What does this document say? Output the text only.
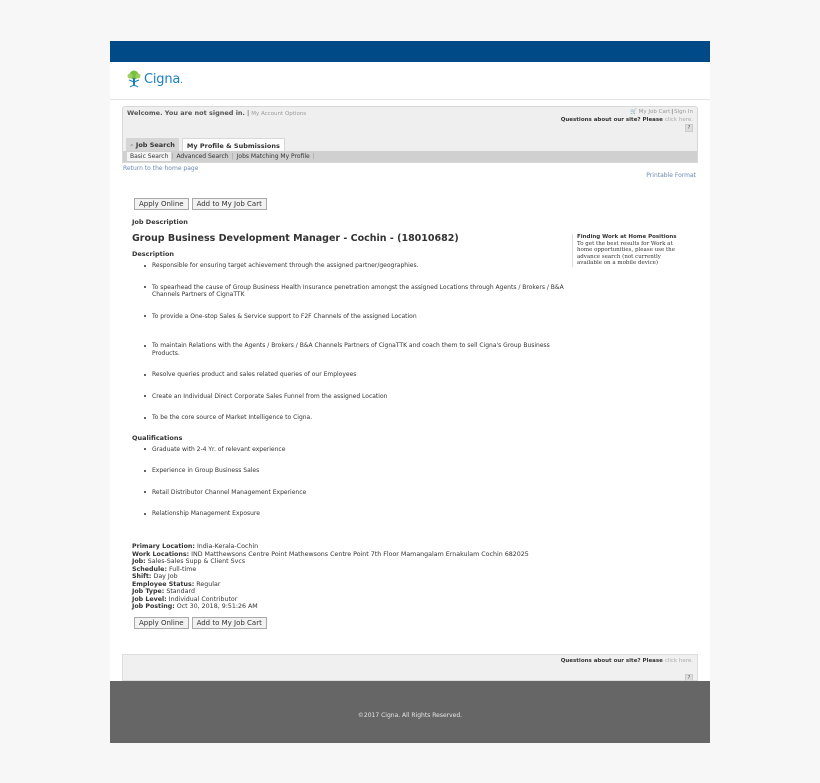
Cigna.
Welcome. You are not signed in. | My Account Options	🛒 My Job Cart|Sign In
Questions about our site? Please click here.
?
⌕ Job Search	My Profile & Submissions
Basic Search | Advanced Search | Jobs Matching My Profile |
Return to the home page
Printable Format
Apply Online	Add to My Job Cart
Job Description
Group Business Development Manager - Cochin - (18010682)
Description
Responsible for ensuring target achievement through the assigned partner/geographies.
To spearhead the cause of Group Business Health Insurance penetration amongst the assigned Locations through Agents / Brokers / B&A Channels Partners of CignaTTK
To provide a One-stop Sales & Service support to F2F Channels of the assigned Location
To maintain Relations with the Agents / Brokers / B&A Channels Partners of CignaTTK and coach them to sell Cigna's Group Business Products.
Resolve queries product and sales related queries of our Employees
Create an Individual Direct Corporate Sales Funnel from the assigned Location
To be the core source of Market Intelligence to Cigna.
Qualifications
Graduate with 2-4 Yr. of relevant experience
Experience in Group Business Sales
Retail Distributor Channel Management Experience
Relationship Management Exposure
Finding Work at Home Positions
To get the best results for Work at home opportunities, please use the advance search (not currently available on a mobile device)
Primary Location: India-Kerala-Cochin
Work Locations: IND Matthewsons Centre Point Mathewsons Centre Point 7th Floor Mamangalam Ernakulam Cochin 682025
Job: Sales-Sales Supp & Client Svcs
Schedule: Full-time
Shift: Day Job
Employee Status: Regular
Job Type: Standard
Job Level: Individual Contributor
Job Posting: Oct 30, 2018, 9:51:26 AM
Apply Online	Add to My Job Cart
Questions about our site? Please click here.
?
©2017 Cigna. All Rights Reserved.
